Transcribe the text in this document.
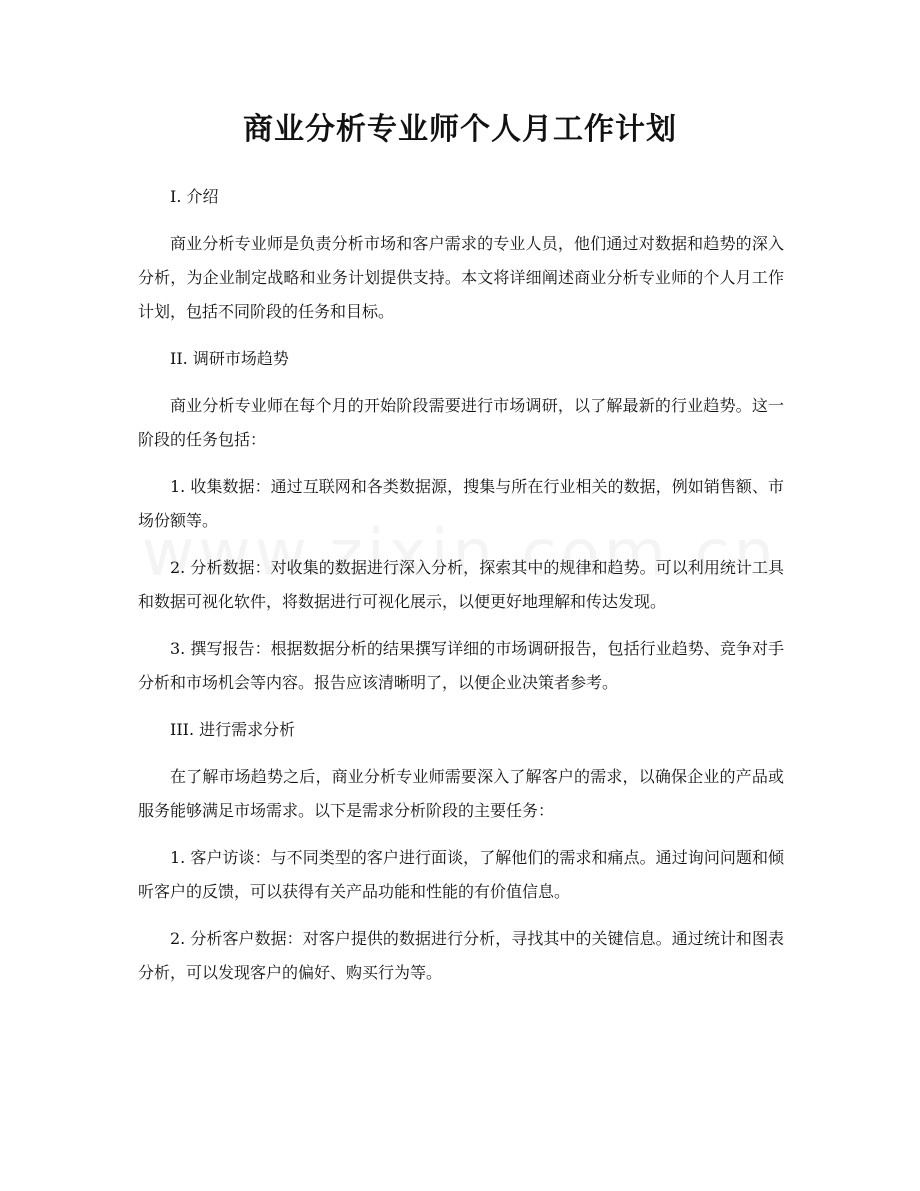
商业分析专业师个人月工作计划

I. 介绍

商业分析专业师是负责分析市场和客户需求的专业人员，他们通过对数据和趋势的深入分析，为企业制定战略和业务计划提供支持。本文将详细阐述商业分析专业师的个人月工作计划，包括不同阶段的任务和目标。

II. 调研市场趋势

商业分析专业师在每个月的开始阶段需要进行市场调研，以了解最新的行业趋势。这一阶段的任务包括：

1. 收集数据：通过互联网和各类数据源，搜集与所在行业相关的数据，例如销售额、市场份额等。

2. 分析数据：对收集的数据进行深入分析，探索其中的规律和趋势。可以利用统计工具和数据可视化软件，将数据进行可视化展示，以便更好地理解和传达发现。

3. 撰写报告：根据数据分析的结果撰写详细的市场调研报告，包括行业趋势、竞争对手分析和市场机会等内容。报告应该清晰明了，以便企业决策者参考。

III. 进行需求分析

在了解市场趋势之后，商业分析专业师需要深入了解客户的需求，以确保企业的产品或服务能够满足市场需求。以下是需求分析阶段的主要任务：

1. 客户访谈：与不同类型的客户进行面谈，了解他们的需求和痛点。通过询问问题和倾听客户的反馈，可以获得有关产品功能和性能的有价值信息。

2. 分析客户数据：对客户提供的数据进行分析，寻找其中的关键信息。通过统计和图表分析，可以发现客户的偏好、购买行为等。
